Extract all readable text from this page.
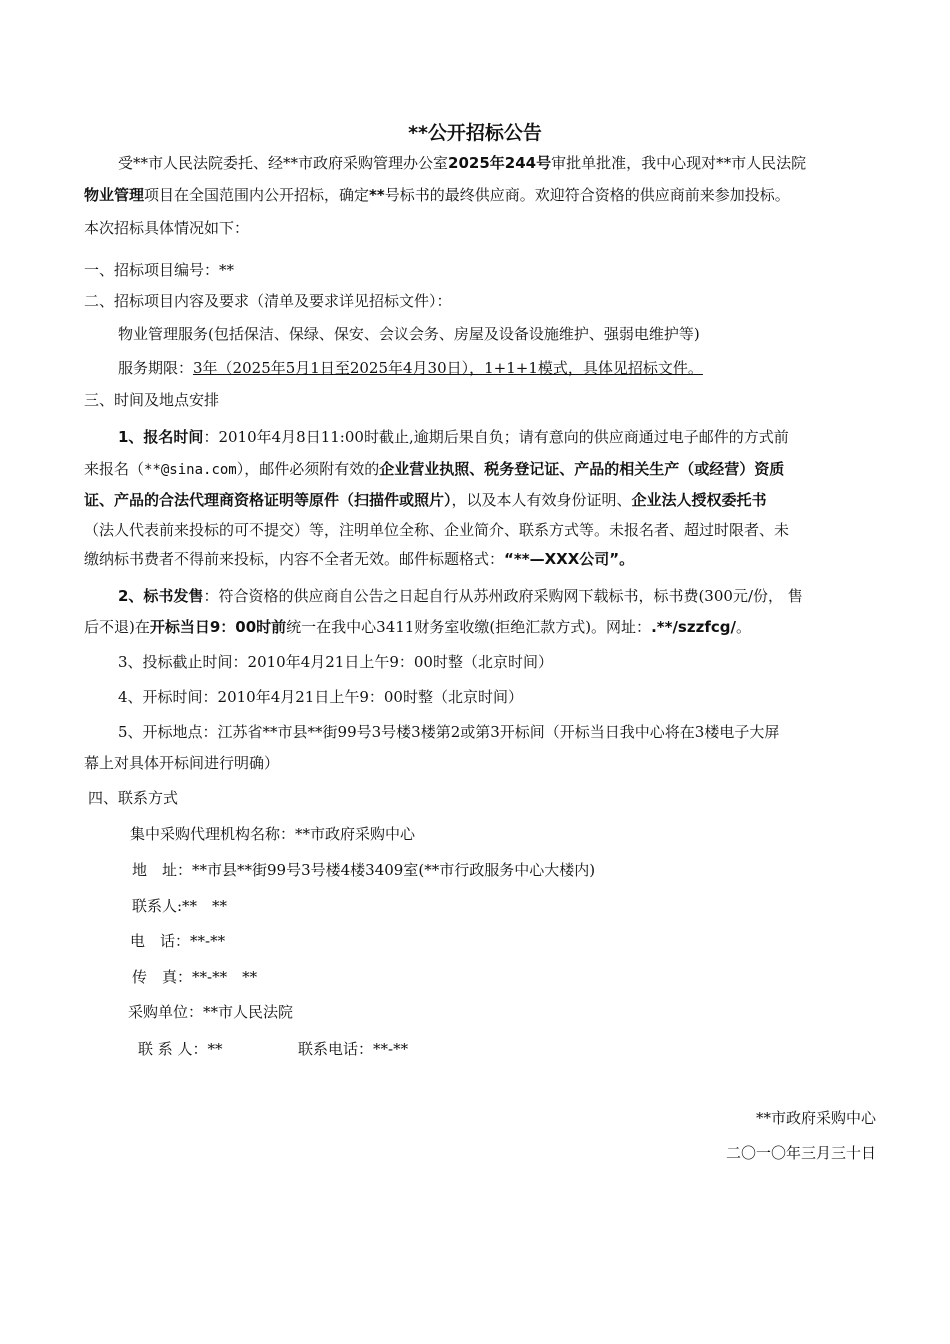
**公开招标公告
受**市人民法院委托、经**市政府采购管理办公室2025年244号审批单批准，我中心现对**市人民法院
物业管理项目在全国范围内公开招标，确定**号标书的最终供应商。欢迎符合资格的供应商前来参加投标。
本次招标具体情况如下：
一、招标项目编号：**
二、招标项目内容及要求（清单及要求详见招标文件）：
物业管理服务(包括保洁、保绿、保安、会议会务、房屋及设备设施维护、强弱电维护等)
服务期限：3年（2025年5月1日至2025年4月30日），1+1+1模式，具体见招标文件。
三、时间及地点安排
1、报名时间：2010年4月8日11:00时截止,逾期后果自负；请有意向的供应商通过电子邮件的方式前
来报名（**@sina.com），邮件必须附有效的企业营业执照、税务登记证、产品的相关生产（或经营）资质
证、产品的合法代理商资格证明等原件（扫描件或照片），以及本人有效身份证明、企业法人授权委托书
（法人代表前来投标的可不提交）等，注明单位全称、企业简介、联系方式等。未报名者、超过时限者、未
缴纳标书费者不得前来投标，内容不全者无效。邮件标题格式：“**—XXX公司”。
2、标书发售：符合资格的供应商自公告之日起自行从苏州政府采购网下载标书，标书费(300元/份， 售
后不退)在开标当日9：00时前统一在我中心3411财务室收缴(拒绝汇款方式)。网址：.**/szzfcg/。
3、投标截止时间：2010年4月21日上午9：00时整（北京时间）
4、开标时间：2010年4月21日上午9：00时整（北京时间）
5、开标地点：江苏省**市县**街99号3号楼3楼第2或第3开标间（开标当日我中心将在3楼电子大屏
幕上对具体开标间进行明确）
四、联系方式
集中采购代理机构名称：**市政府采购中心
地　址：**市县**街99号3号楼4楼3409室(**市行政服务中心大楼内)
联系人:**　**
电　话：**-**
传　真：**-**　**
采购单位：**市人民法院
联 系 人：**	联系电话：**-**
**市政府采购中心
二〇一〇年三月三十日
